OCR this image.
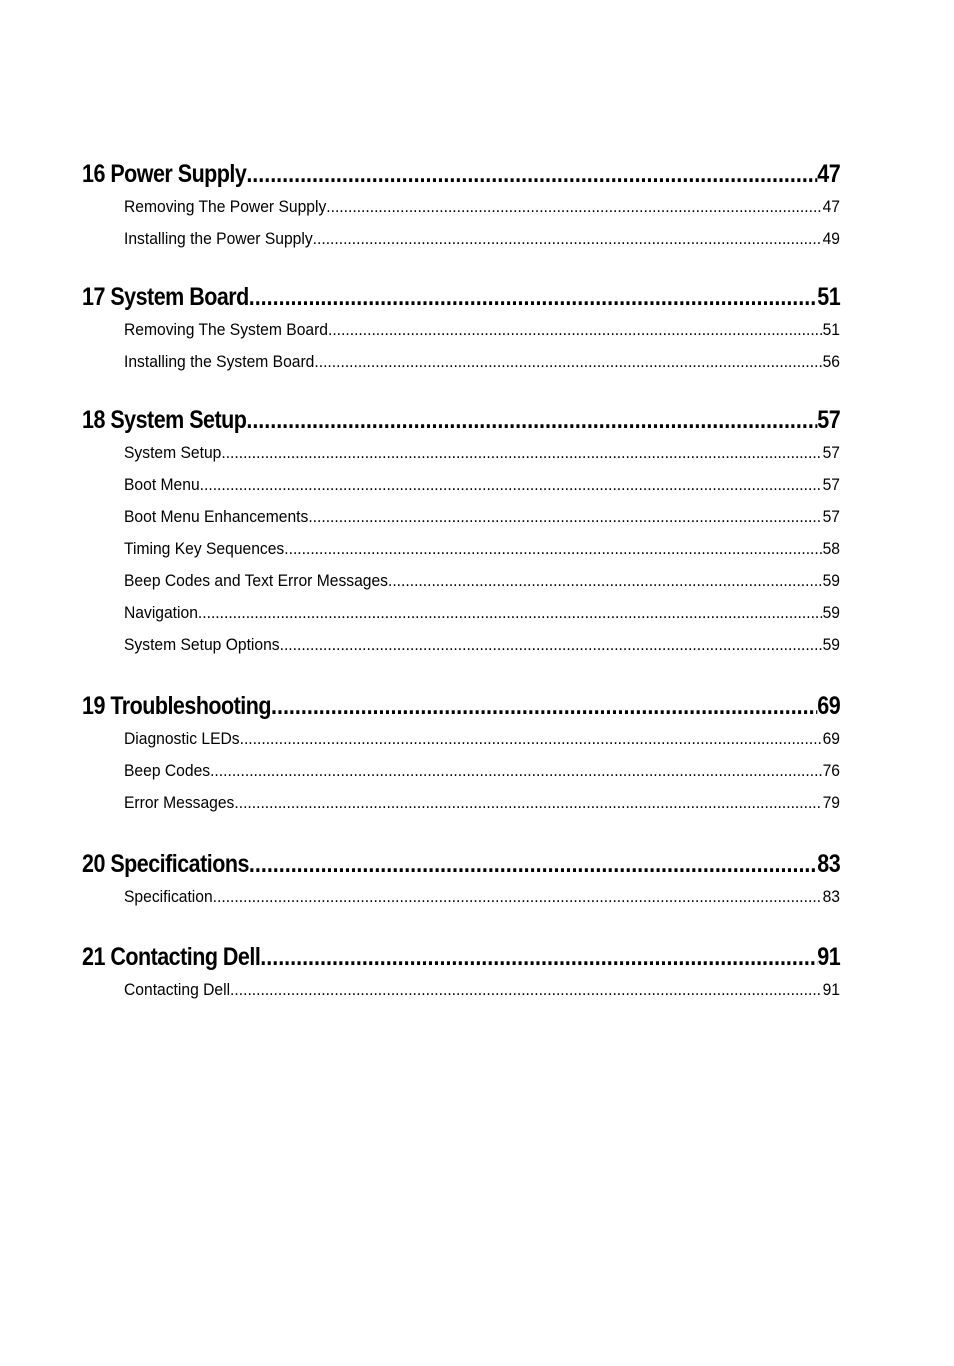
16 Power Supply .....	47
Removing The Power Supply .....	47
Installing the Power Supply .....	49
17 System Board .....	51
Removing The System Board .....	51
Installing the System Board .....	56
18 System Setup .....	57
System Setup .....	57
Boot Menu .....	57
Boot Menu Enhancements .....	57
Timing Key Sequences .....	58
Beep Codes and Text Error Messages .....	59
Navigation .....	59
System Setup Options .....	59
19 Troubleshooting .....	69
Diagnostic LEDs .....	69
Beep Codes .....	76
Error Messages .....	79
20 Specifications .....	83
Specification .....	83
21 Contacting Dell .....	91
Contacting Dell .....	91
